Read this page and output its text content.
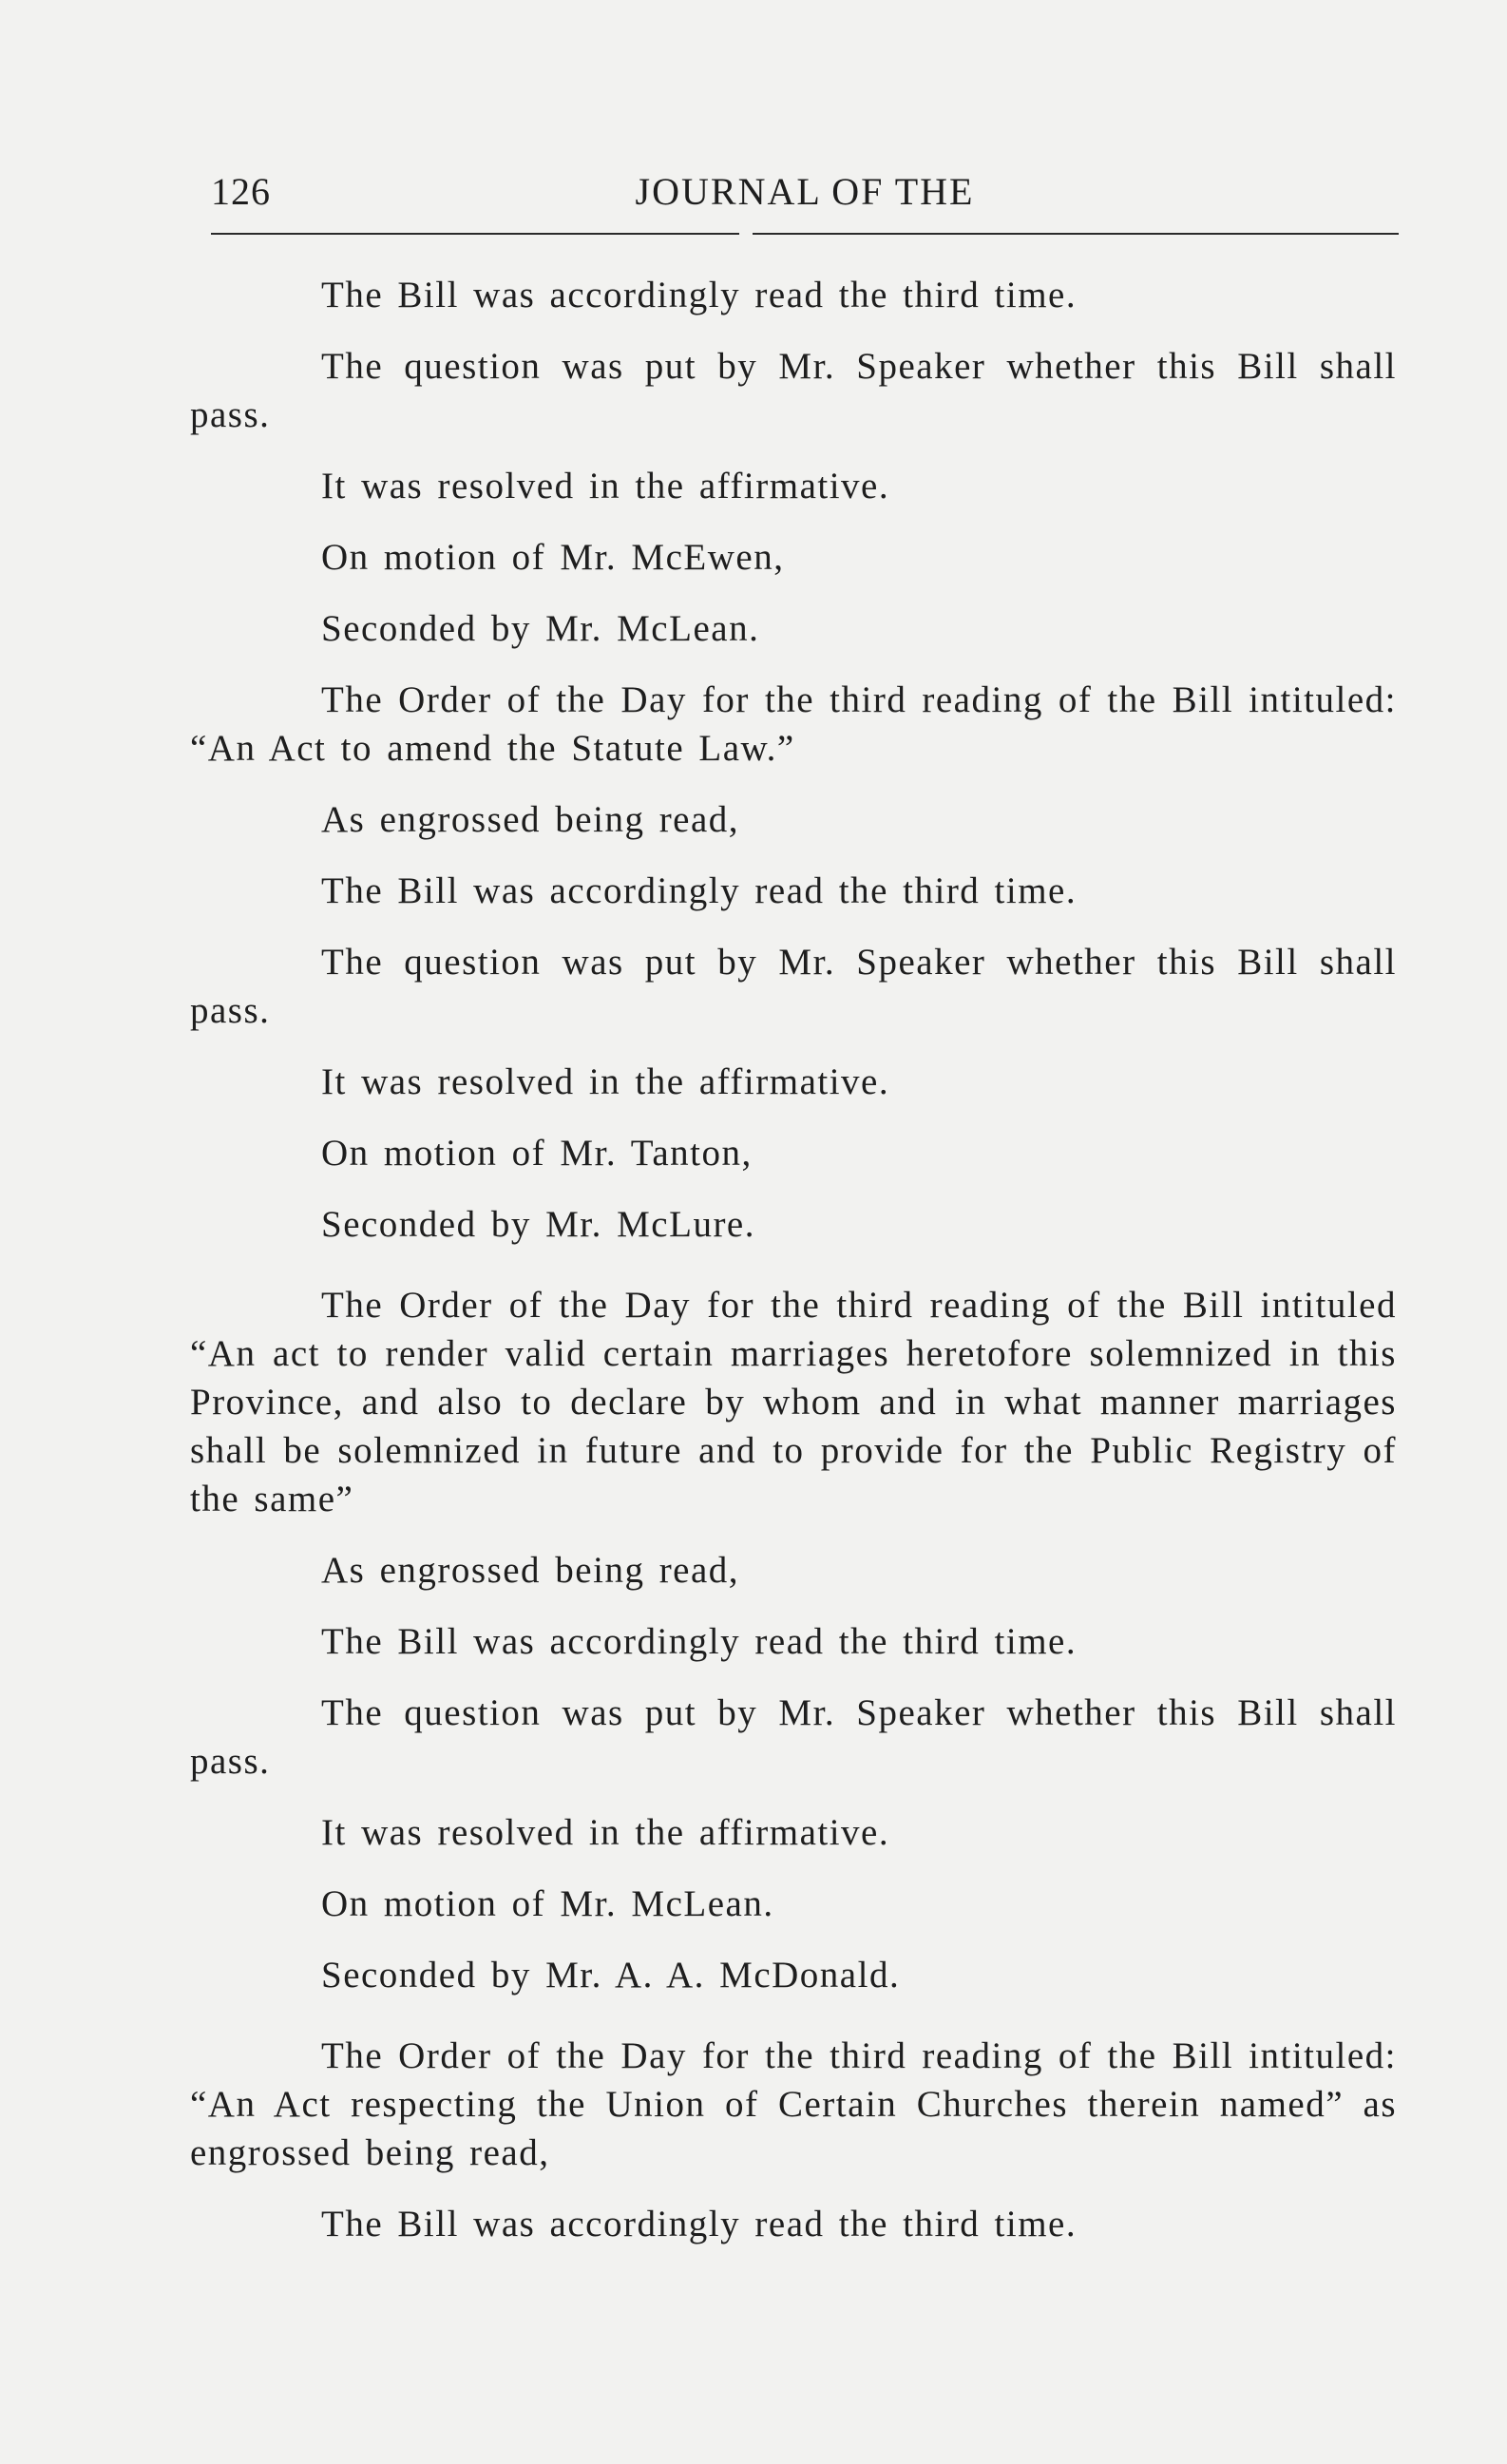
126	JOURNAL OF THE

The Bill was accordingly read the third time.

The question was put by Mr. Speaker whether this Bill shall pass.

It was resolved in the affirmative.

On motion of Mr. McEwen,

Seconded by Mr. McLean.

The Order of the Day for the third reading of the Bill intituled: “An Act to amend the Statute Law.”

As engrossed being read,

The Bill was accordingly read the third time.

The question was put by Mr. Speaker whether this Bill shall pass.

It was resolved in the affirmative.

On motion of Mr. Tanton,

Seconded by Mr. McLure.

The Order of the Day for the third reading of the Bill intituled “An act to render valid certain marriages heretofore solemnized in this Province, and also to declare by whom and in what manner marriages shall be solemnized in future and to provide for the Public Registry of the same”

As engrossed being read,

The Bill was accordingly read the third time.

The question was put by Mr. Speaker whether this Bill shall pass.

It was resolved in the affirmative.

On motion of Mr. McLean.

Seconded by Mr. A. A. McDonald.

The Order of the Day for the third reading of the Bill intituled: “An Act respecting the Union of Certain Churches therein named” as engrossed being read,

The Bill was accordingly read the third time.
